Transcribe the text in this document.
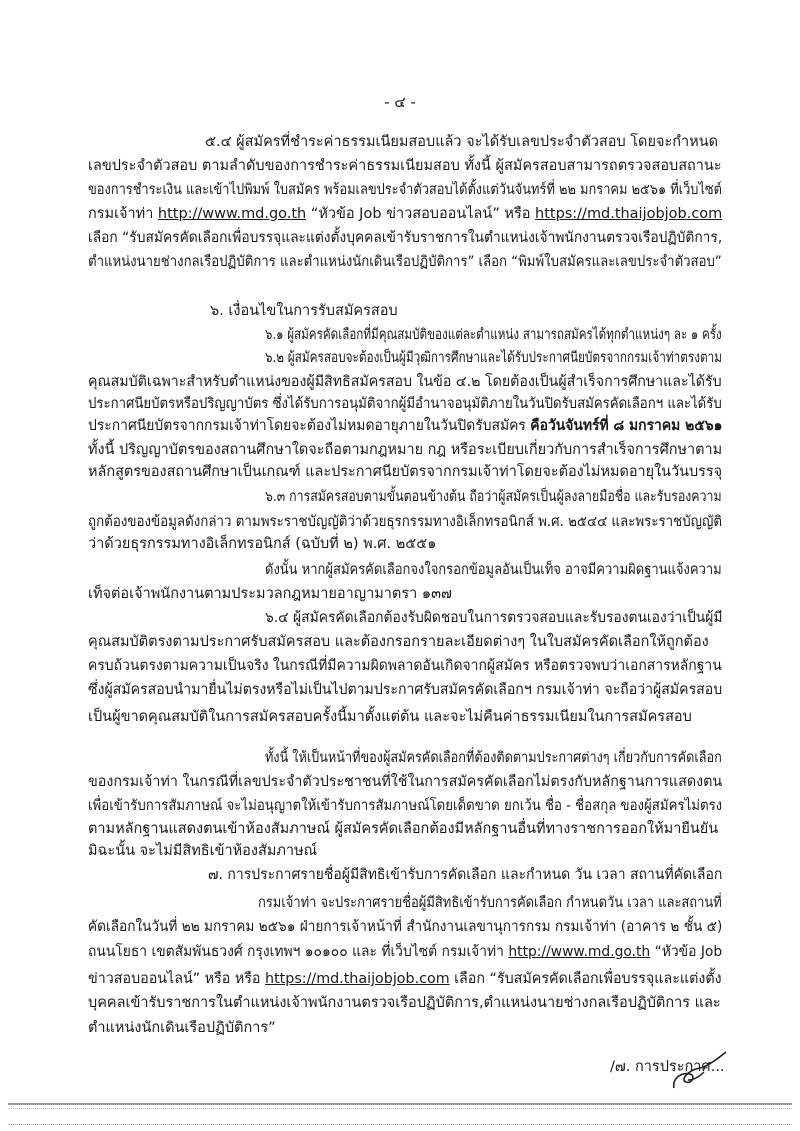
- ๔ -
๕.๔ ผู้สมัครที่ชำระค่าธรรมเนียมสอบแล้ว จะได้รับเลขประจำตัวสอบ โดยจะกำหนด
เลขประจำตัวสอบ ตามลำดับของการชำระค่าธรรมเนียมสอบ ทั้งนี้ ผู้สมัครสอบสามารถตรวจสอบสถานะ
ของการชำระเงิน และเข้าไปพิมพ์ ใบสมัคร พร้อมเลขประจำตัวสอบได้ตั้งแต่วันจันทร์ที่ ๒๒ มกราคม ๒๕๖๑ ที่เว็บไซต์
กรมเจ้าท่า http://www.md.go.th “หัวข้อ Job ข่าวสอบออนไลน์” หรือ https://md.thaijobjob.com
เลือก “รับสมัครคัดเลือกเพื่อบรรจุและแต่งตั้งบุคคลเข้ารับราชการในตำแหน่งเจ้าพนักงานตรวจเรือปฏิบัติการ,
ตำแหน่งนายช่างกลเรือปฏิบัติการ และตำแหน่งนักเดินเรือปฏิบัติการ” เลือก “พิมพ์ใบสมัครและเลขประจำตัวสอบ”
๖. เงื่อนไขในการรับสมัครสอบ
๖.๑ ผู้สมัครคัดเลือกที่มีคุณสมบัติของแต่ละตำแหน่ง สามารถสมัครได้ทุกตำแหน่งๆ ละ ๑ ครั้ง
๖.๒ ผู้สมัครสอบจะต้องเป็นผู้มีวุฒิการศึกษาและได้รับประกาศนียบัตรจากกรมเจ้าท่าตรงตาม
คุณสมบัติเฉพาะสำหรับตำแหน่งของผู้มีสิทธิสมัครสอบ ในข้อ ๔.๒ โดยต้องเป็นผู้สำเร็จการศึกษาและได้รับ
ประกาศนียบัตรหรือปริญญาบัตร ซึ่งได้รับการอนุมัติจากผู้มีอำนาจอนุมัติภายในวันปิดรับสมัครคัดเลือกฯ และได้รับ
ประกาศนียบัตรจากกรมเจ้าท่าโดยจะต้องไม่หมดอายุภายในวันปิดรับสมัคร คือวันจันทร์ที่ ๘ มกราคม ๒๕๖๑
ทั้งนี้ ปริญญาบัตรของสถานศึกษาใดจะถือตามกฎหมาย กฎ หรือระเบียบเกี่ยวกับการสำเร็จการศึกษาตาม
หลักสูตรของสถานศึกษาเป็นเกณฑ์ และประกาศนียบัตรจากกรมเจ้าท่าโดยจะต้องไม่หมดอายุในวันบรรจุ
๖.๓ การสมัครสอบตามขั้นตอนข้างต้น ถือว่าผู้สมัครเป็นผู้ลงลายมือชื่อ และรับรองความ
ถูกต้องของข้อมูลดังกล่าว ตามพระราชบัญญัติว่าด้วยธุรกรรมทางอิเล็กทรอนิกส์ พ.ศ. ๒๕๔๔ และพระราชบัญญัติ
ว่าด้วยธุรกรรมทางอิเล็กทรอนิกส์ (ฉบับที่ ๒) พ.ศ. ๒๕๕๑
ดังนั้น หากผู้สมัครคัดเลือกจงใจกรอกข้อมูลอันเป็นเท็จ อาจมีความผิดฐานแจ้งความ
เท็จต่อเจ้าพนักงานตามประมวลกฎหมายอาญามาตรา ๑๓๗
๖.๔ ผู้สมัครคัดเลือกต้องรับผิดชอบในการตรวจสอบและรับรองตนเองว่าเป็นผู้มี
คุณสมบัติตรงตามประกาศรับสมัครสอบ และต้องกรอกรายละเอียดต่างๆ ในใบสมัครคัดเลือกให้ถูกต้อง
ครบถ้วนตรงตามความเป็นจริง ในกรณีที่มีความผิดพลาดอันเกิดจากผู้สมัคร หรือตรวจพบว่าเอกสารหลักฐาน
ซึ่งผู้สมัครสอบนำมายื่นไม่ตรงหรือไม่เป็นไปตามประกาศรับสมัครคัดเลือกฯ กรมเจ้าท่า จะถือว่าผู้สมัครสอบ
เป็นผู้ขาดคุณสมบัติในการสมัครสอบครั้งนี้มาตั้งแต่ต้น และจะไม่คืนค่าธรรมเนียมในการสมัครสอบ
ทั้งนี้ ให้เป็นหน้าที่ของผู้สมัครคัดเลือกที่ต้องติดตามประกาศต่างๆ เกี่ยวกับการคัดเลือก
ของกรมเจ้าท่า ในกรณีที่เลขประจำตัวประชาชนที่ใช้ในการสมัครคัดเลือกไม่ตรงกับหลักฐานการแสดงตน
เพื่อเข้ารับการสัมภาษณ์ จะไม่อนุญาตให้เข้ารับการสัมภาษณ์โดยเด็ดขาด ยกเว้น ชื่อ - ชื่อสกุล ของผู้สมัครไม่ตรง
ตามหลักฐานแสดงตนเข้าห้องสัมภาษณ์ ผู้สมัครคัดเลือกต้องมีหลักฐานอื่นที่ทางราชการออกให้มายืนยัน
มิฉะนั้น จะไม่มีสิทธิเข้าห้องสัมภาษณ์
๗. การประกาศรายชื่อผู้มีสิทธิเข้ารับการคัดเลือก และกำหนด วัน เวลา สถานที่คัดเลือก
กรมเจ้าท่า จะประกาศรายชื่อผู้มีสิทธิเข้ารับการคัดเลือก กำหนดวัน เวลา และสถานที่
คัดเลือกในวันที่ ๒๒ มกราคม ๒๕๖๑ ฝ่ายการเจ้าหน้าที่ สำนักงานเลขานุการกรม กรมเจ้าท่า (อาคาร ๒ ชั้น ๕)
ถนนโยธา เขตสัมพันธวงศ์ กรุงเทพฯ ๑๐๑๐๐ และ ที่เว็บไซต์ กรมเจ้าท่า http://www.md.go.th “หัวข้อ Job
ข่าวสอบออนไลน์” หรือ หรือ https://md.thaijobjob.com เลือก “รับสมัครคัดเลือกเพื่อบรรจุและแต่งตั้ง
บุคคลเข้ารับราชการในตำแหน่งเจ้าพนักงานตรวจเรือปฏิบัติการ,ตำแหน่งนายช่างกลเรือปฏิบัติการ และ
ตำแหน่งนักเดินเรือปฏิบัติการ”
/๗. การประกาศ...
